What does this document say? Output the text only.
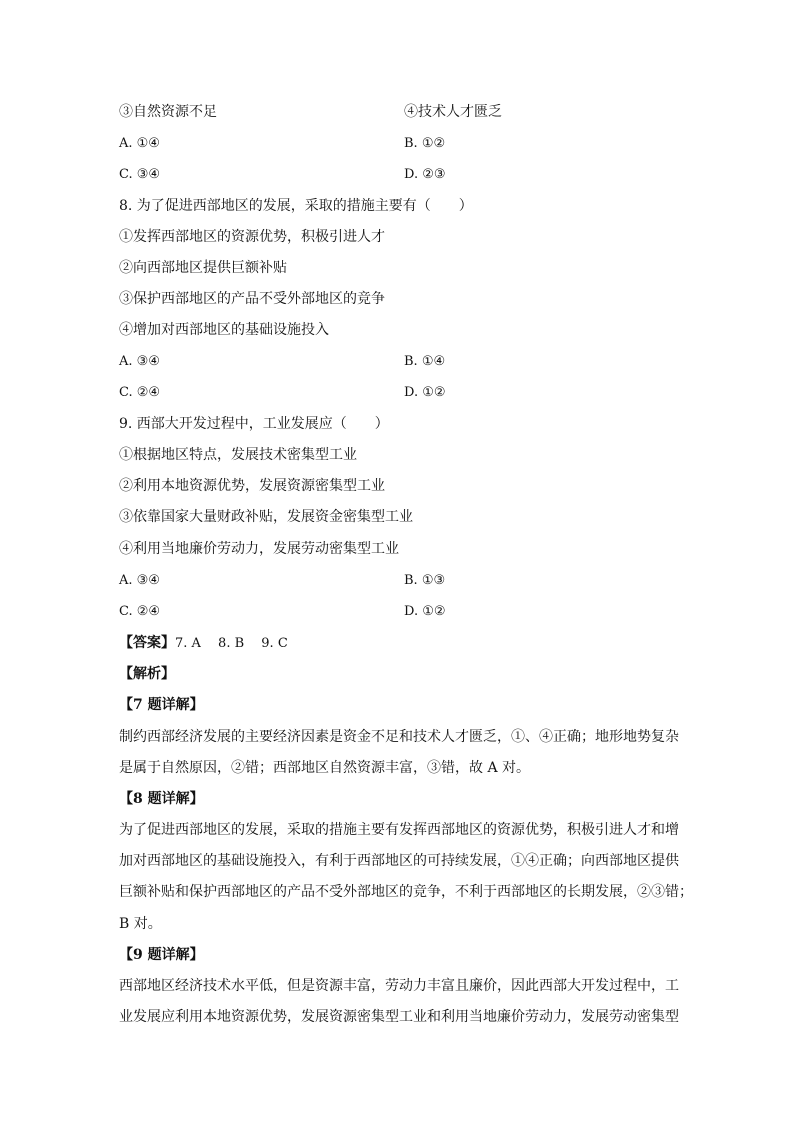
③自然资源不足	④技术人才匮乏
A. ①④	B. ①②
C. ③④	D. ②③
8. 为了促进西部地区的发展，采取的措施主要有（　　）
①发挥西部地区的资源优势，积极引进人才
②向西部地区提供巨额补贴
③保护西部地区的产品不受外部地区的竞争
④增加对西部地区的基础设施投入
A. ③④	B. ①④
C. ②④	D. ①②
9. 西部大开发过程中，工业发展应（　　）
①根据地区特点，发展技术密集型工业
②利用本地资源优势，发展资源密集型工业
③依靠国家大量财政补贴，发展资金密集型工业
④利用当地廉价劳动力，发展劳动密集型工业
A. ③④	B. ①③
C. ②④	D. ①②
【答案】7. A　 8. B　 9. C
【解析】
【7 题详解】
制约西部经济发展的主要经济因素是资金不足和技术人才匮乏，①、④正确；地形地势复杂
是属于自然原因，②错；西部地区自然资源丰富，③错，故 A 对。
【8 题详解】
为了促进西部地区的发展，采取的措施主要有发挥西部地区的资源优势，积极引进人才和增
加对西部地区的基础设施投入，有利于西部地区的可持续发展，①④正确；向西部地区提供
巨额补贴和保护西部地区的产品不受外部地区的竞争，不利于西部地区的长期发展，②③错；
B 对。
【9 题详解】
西部地区经济技术水平低，但是资源丰富，劳动力丰富且廉价，因此西部大开发过程中，工
业发展应利用本地资源优势，发展资源密集型工业和利用当地廉价劳动力，发展劳动密集型
